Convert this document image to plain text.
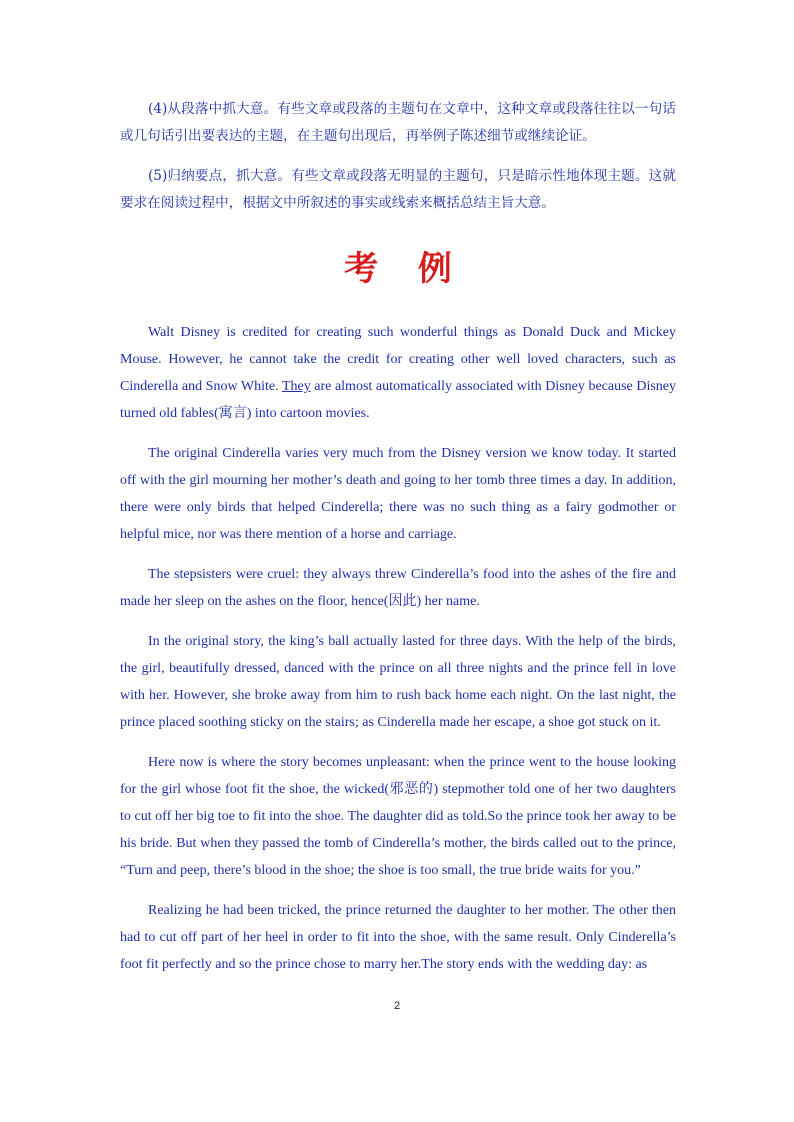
(4)从段落中抓大意。有些文章或段落的主题句在文章中，这种文章或段落往往以一句话或几句话引出要表达的主题，在主题句出现后，再举例子陈述细节或继续论证。

(5)归纳要点，抓大意。有些文章或段落无明显的主题句，只是暗示性地体现主题。这就要求在阅读过程中，根据文中所叙述的事实或线索来概括总结主旨大意。

考 例

Walt Disney is credited for creating such wonderful things as Donald Duck and Mickey Mouse. However, he cannot take the credit for creating other well loved characters, such as Cinderella and Snow White. They are almost automatically associated with Disney because Disney turned old fables(寓言) into cartoon movies.

The original Cinderella varies very much from the Disney version we know today. It started off with the girl mourning her mother’s death and going to her tomb three times a day. In addition, there were only birds that helped Cinderella; there was no such thing as a fairy godmother or helpful mice, nor was there mention of a horse and carriage.

The stepsisters were cruel: they always threw Cinderella’s food into the ashes of the fire and made her sleep on the ashes on the floor, hence(因此) her name.

In the original story, the king’s ball actually lasted for three days. With the help of the birds, the girl, beautifully dressed, danced with the prince on all three nights and the prince fell in love with her. However, she broke away from him to rush back home each night. On the last night, the prince placed soothing sticky on the stairs; as Cinderella made her escape, a shoe got stuck on it.

Here now is where the story becomes unpleasant: when the prince went to the house looking for the girl whose foot fit the shoe, the wicked(邪恶的) stepmother told one of her two daughters to cut off her big toe to fit into the shoe. The daughter did as told.So the prince took her away to be his bride. But when they passed the tomb of Cinderella’s mother, the birds called out to the prince, “Turn and peep, there’s blood in the shoe; the shoe is too small, the true bride waits for you.”

Realizing he had been tricked, the prince returned the daughter to her mother. The other then had to cut off part of her heel in order to fit into the shoe, with the same result. Only Cinderella’s foot fit perfectly and so the prince chose to marry her.The story ends with the wedding day: as

2
